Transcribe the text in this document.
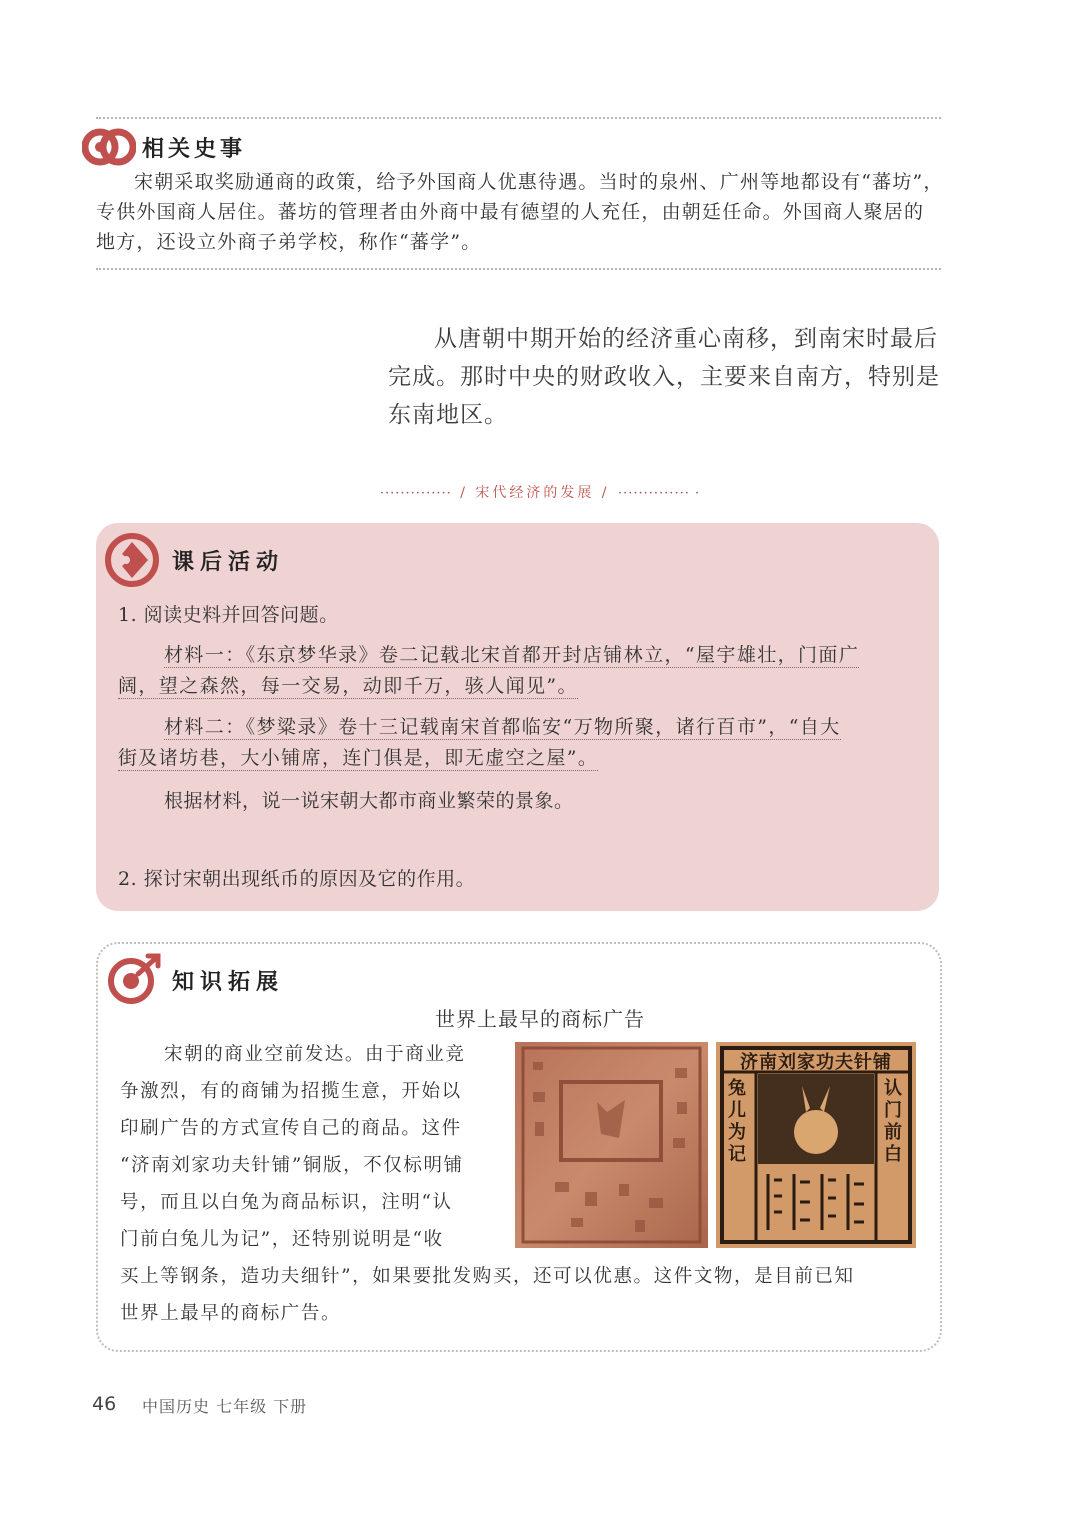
相关史事
宋朝采取奖励通商的政策，给予外国商人优惠待遇。当时的泉州、广州等地都设有“蕃坊”，专供外国商人居住。蕃坊的管理者由外商中最有德望的人充任，由朝廷任命。外国商人聚居的地方，还设立外商子弟学校，称作“蕃学”。
从唐朝中期开始的经济重心南移，到南宋时最后完成。那时中央的财政收入，主要来自南方，特别是东南地区。
·············· / 宋代经济的发展 / ·············· ·
课后活动
1. 阅读史料并回答问题。
材料一：《东京梦华录》卷二记载北宋首都开封店铺林立，“屋宇雄壮，门面广
阔，望之森然，每一交易，动即千万，骇人闻见”。
材料二：《梦粱录》卷十三记载南宋首都临安“万物所聚，诸行百市”，“自大
街及诸坊巷，大小铺席，连门俱是，即无虚空之屋”。
根据材料，说一说宋朝大都市商业繁荣的景象。
2. 探讨宋朝出现纸币的原因及它的作用。
知识拓展
世界上最早的商标广告
宋朝的商业空前发达。由于商业竞
争激烈，有的商铺为招揽生意，开始以
印刷广告的方式宣传自己的商品。这件
“济南刘家功夫针铺”铜版，不仅标明铺
号，而且以白兔为商品标识，注明“认
门前白兔儿为记”，还特别说明是“收
买上等钢条，造功夫细针”，如果要批发购买，还可以优惠。这件文物，是目前已知
世界上最早的商标广告。
济南刘家功夫针铺
兔儿为记
认门前白
46 中国历史 七年级 下册
